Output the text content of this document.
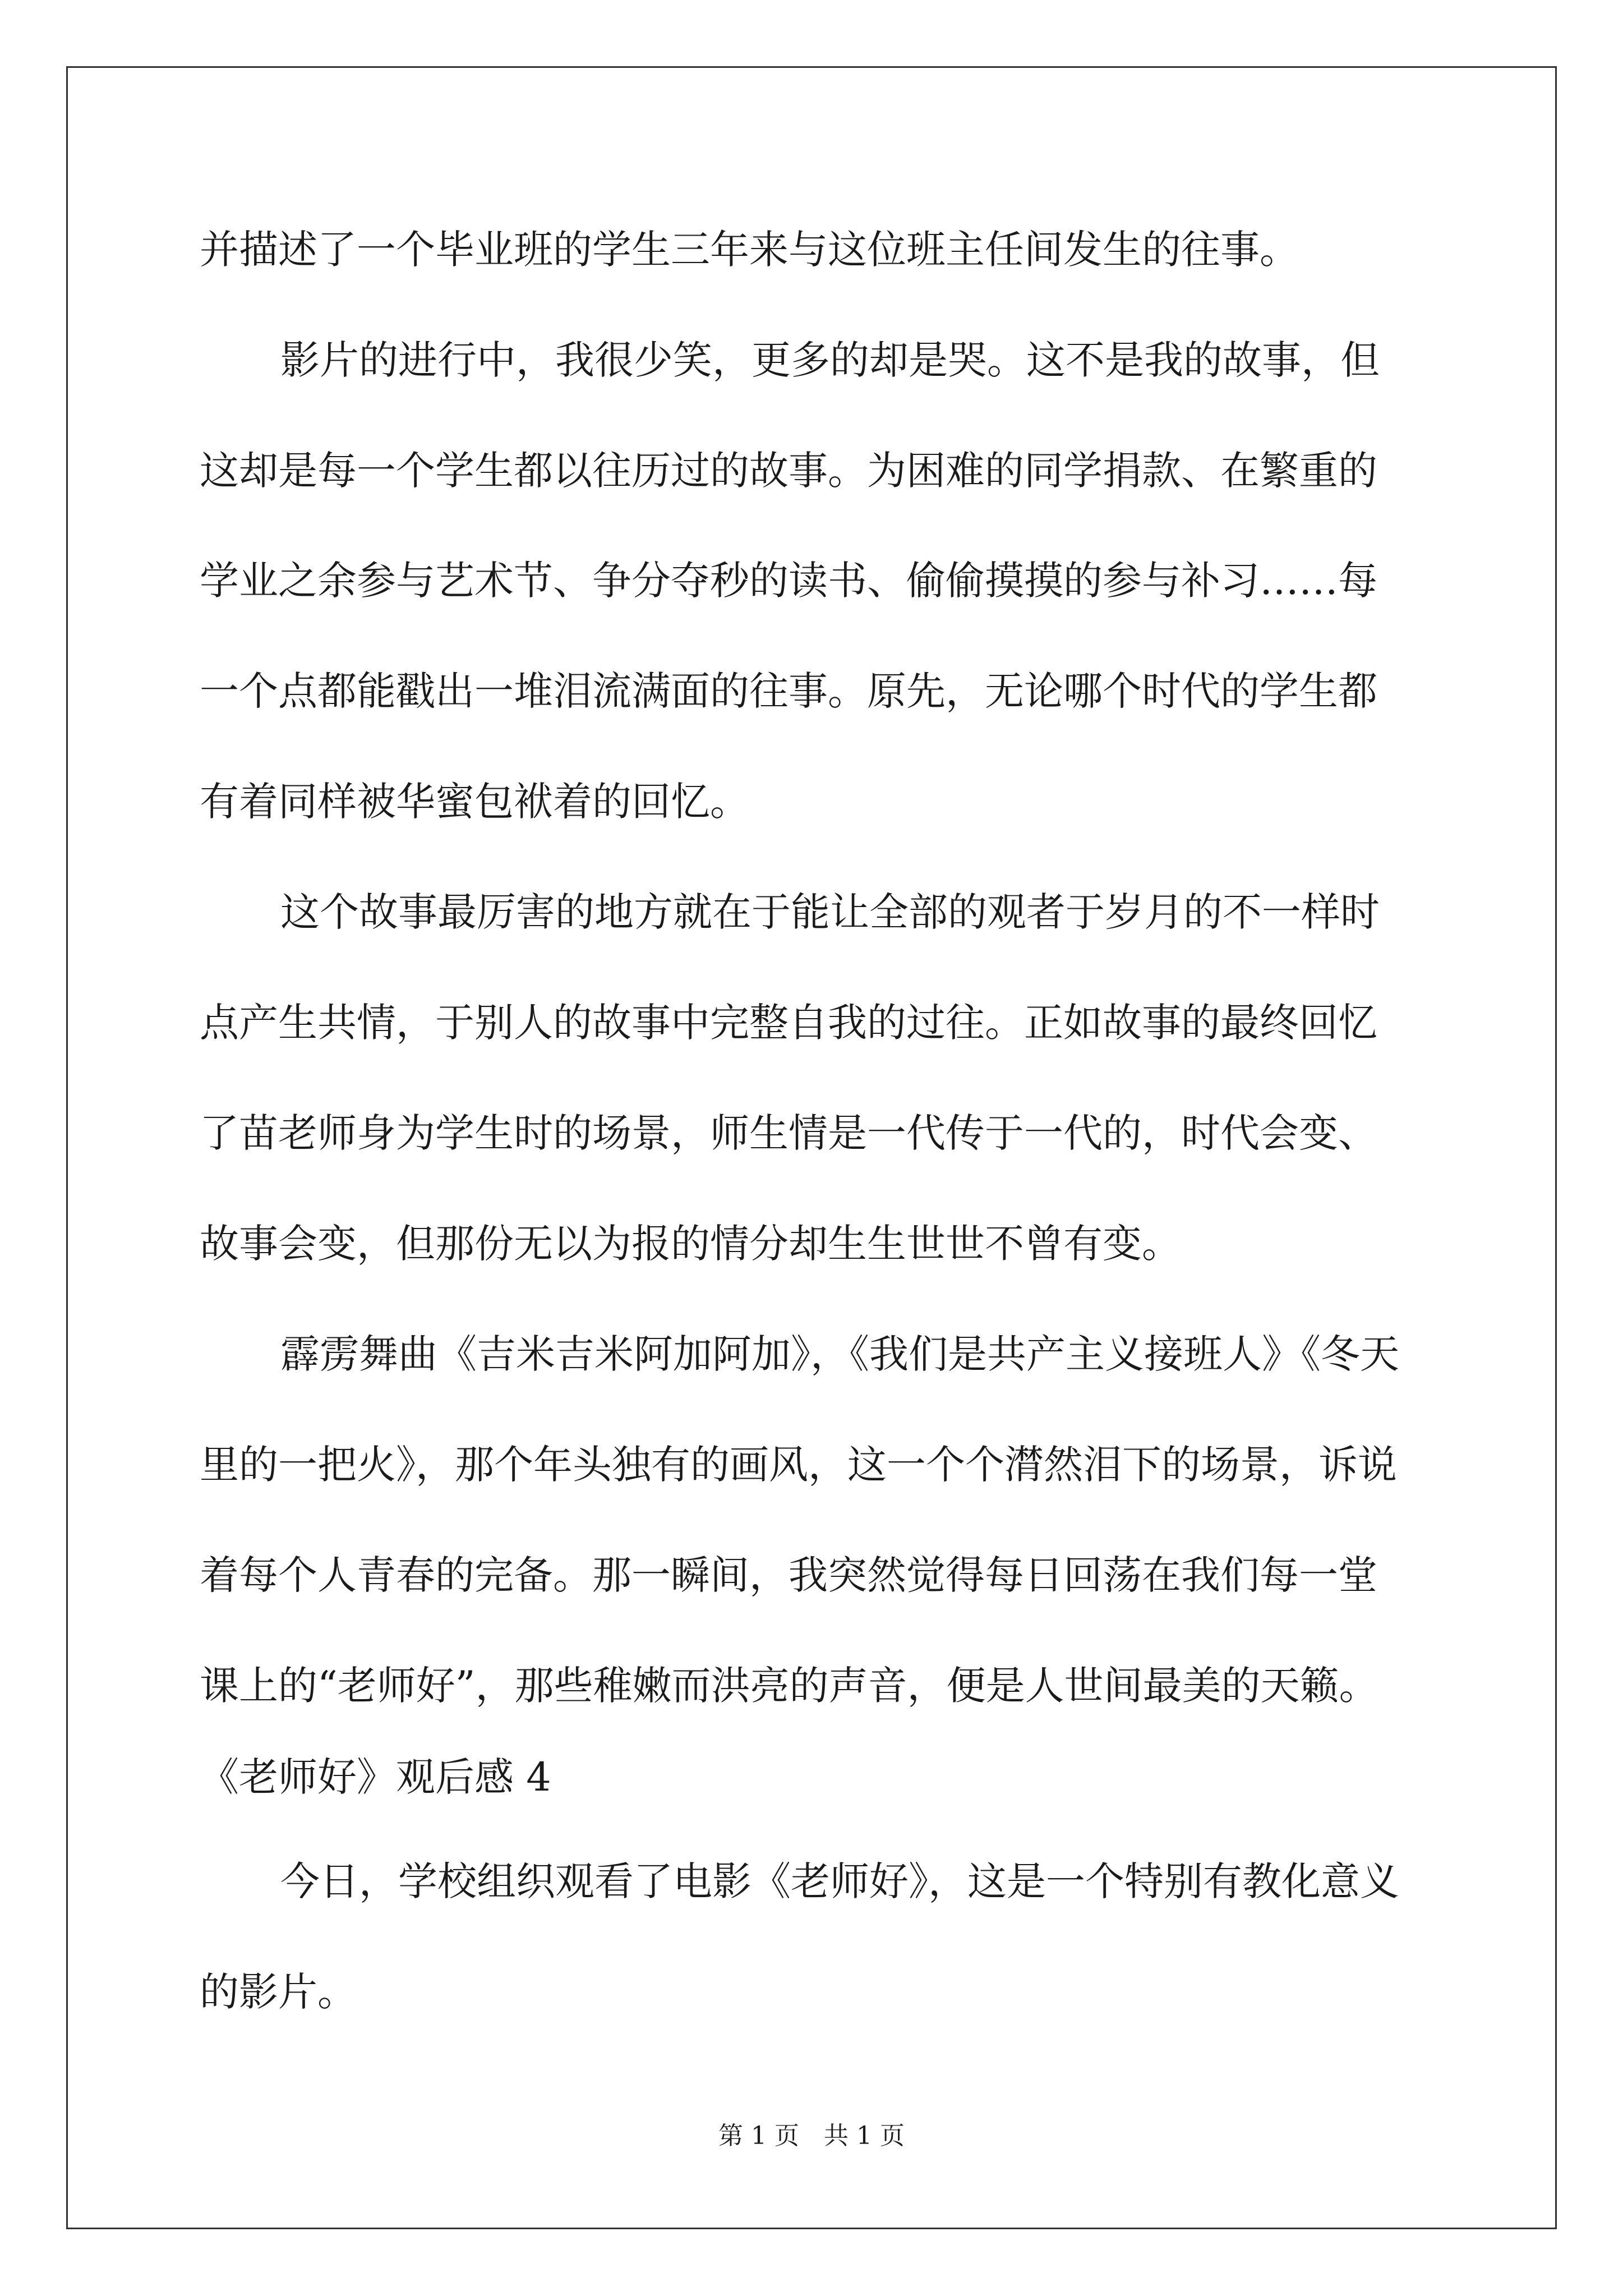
并描述了一个毕业班的学生三年来与这位班主任间发生的往事。
影片的进行中，我很少笑，更多的却是哭。这不是我的故事，但
这却是每一个学生都以往历过的故事。为困难的同学捐款、在繁重的
学业之余参与艺术节、争分夺秒的读书、偷偷摸摸的参与补习……每
一个点都能戳出一堆泪流满面的往事。原先，无论哪个时代的学生都
有着同样被华蜜包袱着的回忆。
这个故事最厉害的地方就在于能让全部的观者于岁月的不一样时
点产生共情，于别人的故事中完整自我的过往。正如故事的最终回忆
了苗老师身为学生时的场景，师生情是一代传于一代的，时代会变、
故事会变，但那份无以为报的情分却生生世世不曾有变。
霹雳舞曲《吉米吉米阿加阿加》，《我们是共产主义接班人》《冬天
里的一把火》，那个年头独有的画风，这一个个潸然泪下的场景，诉说
着每个人青春的完备。那一瞬间，我突然觉得每日回荡在我们每一堂
课上的“老师好”，那些稚嫩而洪亮的声音，便是人世间最美的天籁。
《老师好》观后感 4
今日，学校组织观看了电影《老师好》，这是一个特别有教化意义
的影片。
第 1 页　共 1 页
